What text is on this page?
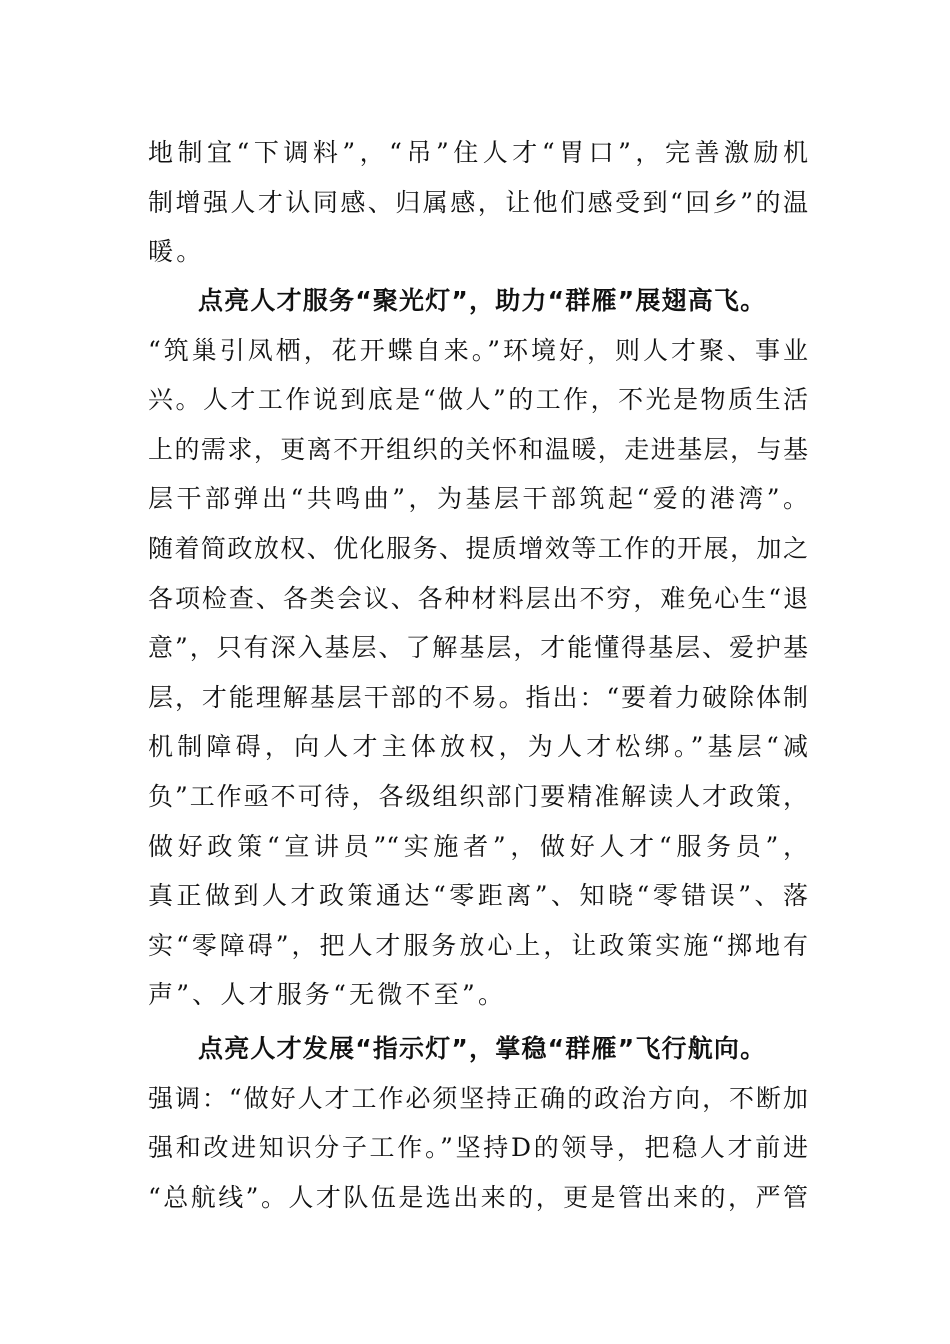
地制宜“下调料”，“吊”住人才“胃口”，完善激励机
制增强人才认同感、归属感，让他们感受到“回乡”的温
暖。
点亮人才服务“聚光灯”，助力“群雁”展翅高飞。
“筑巢引凤栖，花开蝶自来。”环境好，则人才聚、事业
兴。人才工作说到底是“做人”的工作，不光是物质生活
上的需求，更离不开组织的关怀和温暖，走进基层，与基
层干部弹出“共鸣曲”，为基层干部筑起“爱的港湾”。
随着简政放权、优化服务、提质增效等工作的开展，加之
各项检查、各类会议、各种材料层出不穷，难免心生“退
意”，只有深入基层、了解基层，才能懂得基层、爱护基
层，才能理解基层干部的不易。指出：“要着力破除体制
机制障碍，向人才主体放权，为人才松绑。”基层“减
负”工作亟不可待，各级组织部门要精准解读人才政策，
做好政策“宣讲员”“实施者”，做好人才“服务员”，
真正做到人才政策通达“零距离”、知晓“零错误”、落
实“零障碍”，把人才服务放心上，让政策实施“掷地有
声”、人才服务“无微不至”。
点亮人才发展“指示灯”，掌稳“群雁”飞行航向。
强调：“做好人才工作必须坚持正确的政治方向，不断加
强和改进知识分子工作。”坚持D的领导，把稳人才前进
“总航线”。人才队伍是选出来的，更是管出来的，严管
